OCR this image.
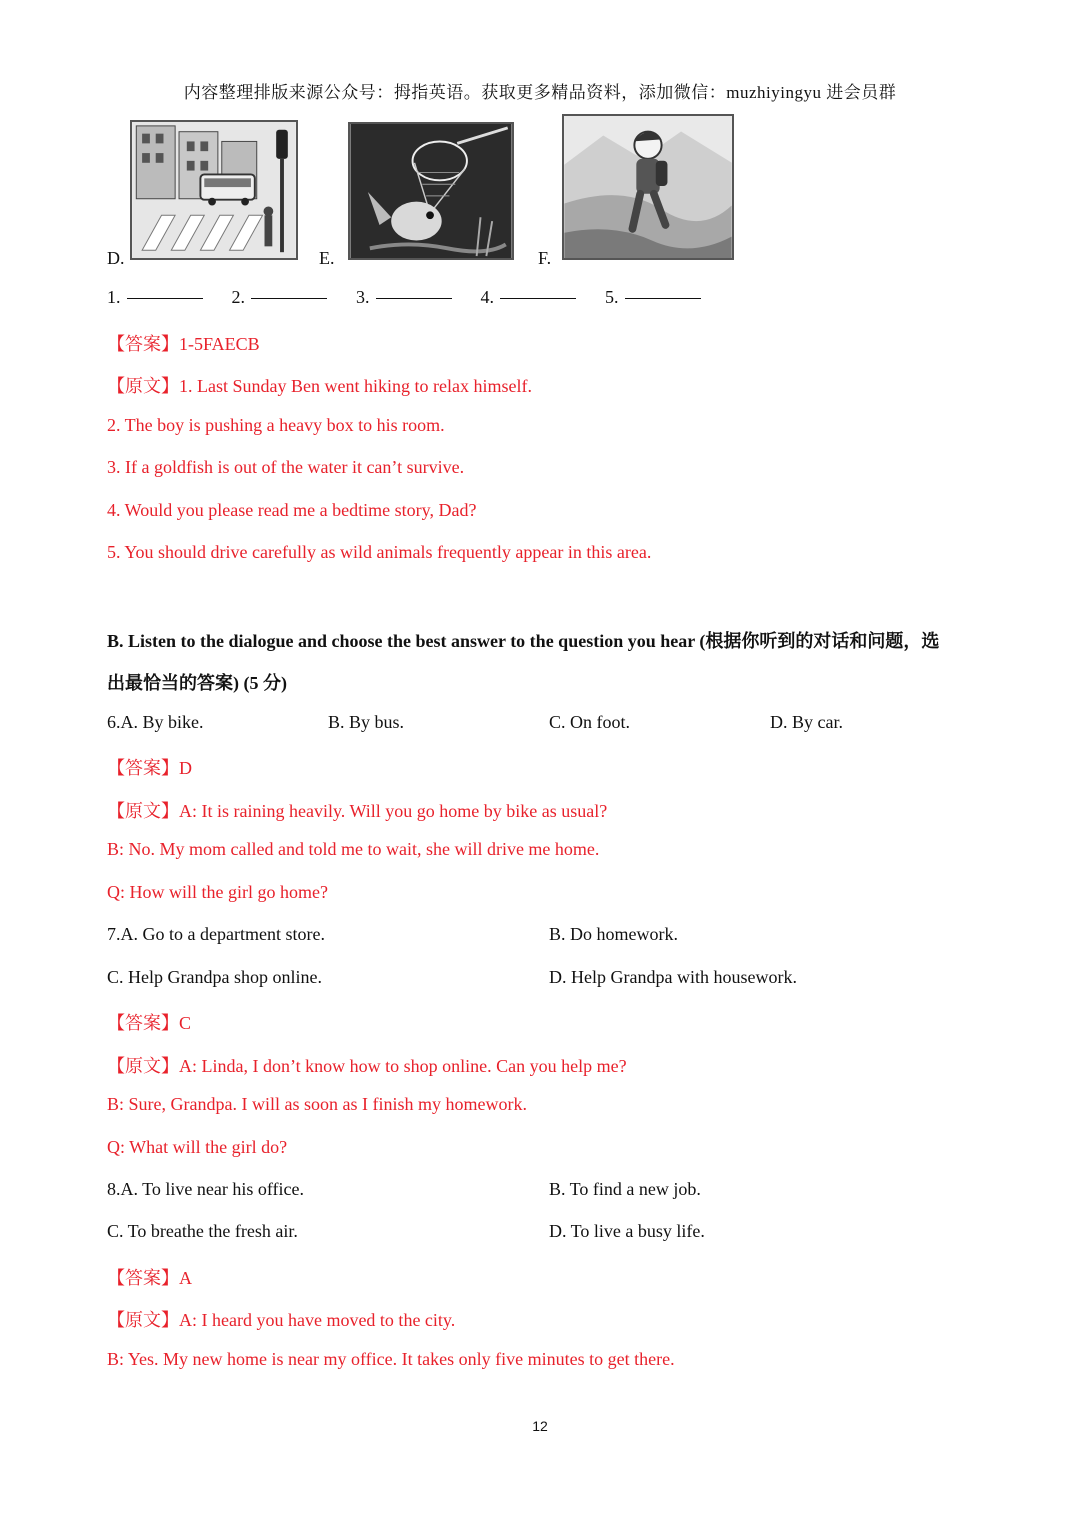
内容整理排版来源公众号：拇指英语。获取更多精品资料，添加微信：muzhiyingyu 进会员群
D.	E.	F.
1.	2.	3.	4.	5.
【答案】1-5FAECB
【原文】1. Last Sunday Ben went hiking to relax himself.
2. The boy is pushing a heavy box to his room.
3. If a goldfish is out of the water it can’t survive.
4. Would you please read me a bedtime story, Dad?
5. You should drive carefully as wild animals frequently appear in this area.
B. Listen to the dialogue and choose the best answer to the question you hear (根据你听到的对话和问题，选
出最恰当的答案) (5 分)
6.A. By bike.	B. By bus.	C. On foot.	D. By car.
【答案】D
【原文】A: It is raining heavily. Will you go home by bike as usual?
B: No. My mom called and told me to wait, she will drive me home.
Q: How will the girl go home?
7.A. Go to a department store.	B. Do homework.
C. Help Grandpa shop online.	D. Help Grandpa with housework.
【答案】C
【原文】A: Linda, I don’t know how to shop online. Can you help me?
B: Sure, Grandpa. I will as soon as I finish my homework.
Q: What will the girl do?
8.A. To live near his office.	B. To find a new job.
C. To breathe the fresh air.	D. To live a busy life.
【答案】A
【原文】A: I heard you have moved to the city.
B: Yes. My new home is near my office. It takes only five minutes to get there.
12
